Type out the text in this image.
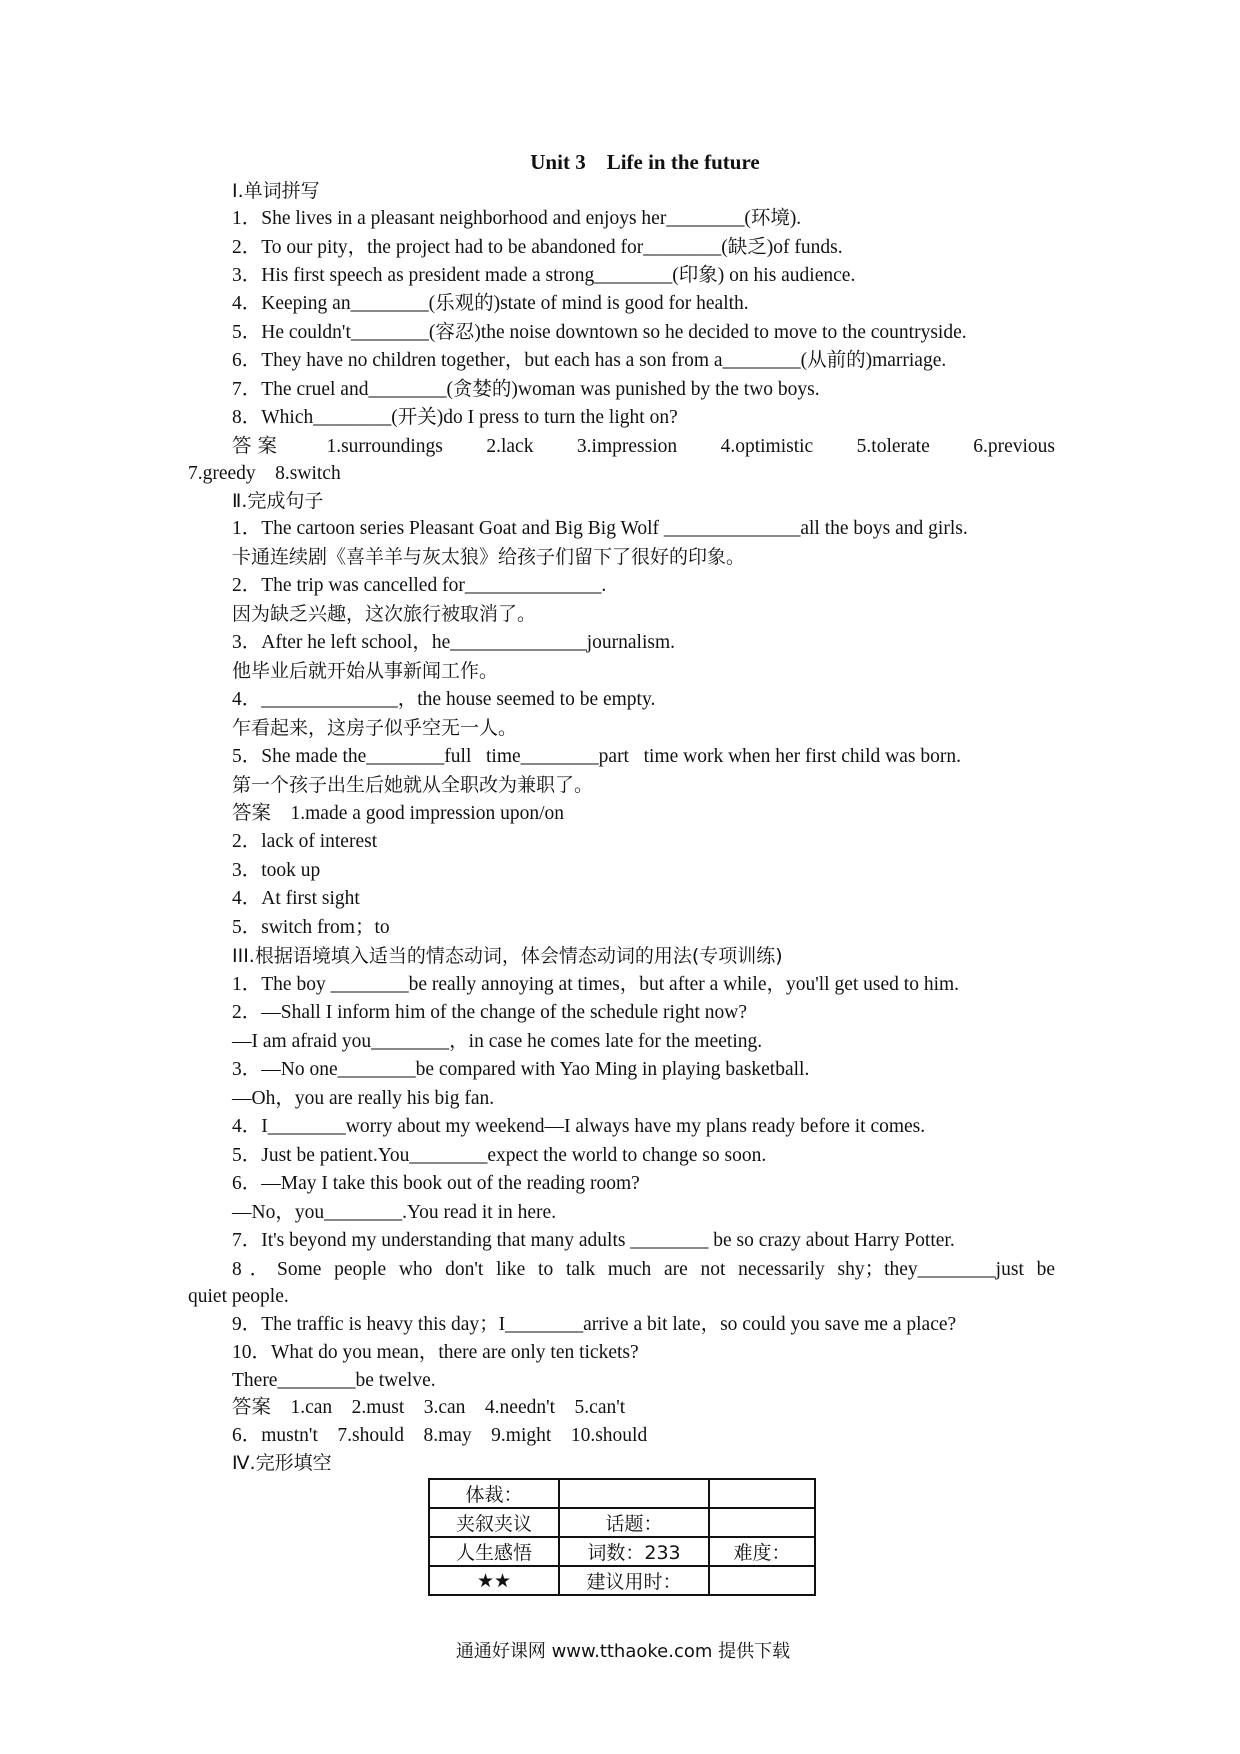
Unit 3    Life in the future
Ⅰ.单词拼写
1．She lives in a pleasant neighborhood and enjoys her________(环境).
2．To our pity，the project had to be abandoned for________(缺乏)of funds.
3．His first speech as president made a strong________(印象) on his audience.
4．Keeping an________(乐观的)state of mind is good for health.
5．He couldn't________(容忍)the noise downtown so he decided to move to the countryside.
6．They have no children together，but each has a son from a________(从前的)marriage.
7．The cruel and________(贪婪的)woman was punished by the two boys.
8．Which________(开关)do I press to turn the light on?
答案    1.surroundings    2.lack    3.impression    4.optimistic    5.tolerate    6.previous
7.greedy    8.switch
Ⅱ.完成句子
1．The cartoon series Pleasant Goat and Big Big Wolf ______________all the boys and girls.
卡通连续剧《喜羊羊与灰太狼》给孩子们留下了很好的印象。
2．The trip was cancelled for______________.
因为缺乏兴趣，这次旅行被取消了。
3．After he left school，he______________journalism.
他毕业后就开始从事新闻工作。
4．______________，the house seemed to be empty.
乍看起来，这房子似乎空无一人。
5．She made the________full   time________part   time work when her first child was born.
第一个孩子出生后她就从全职改为兼职了。
答案    1.made a good impression upon/on
2．lack of interest
3．took up
4．At first sight
5．switch from；to
III.根据语境填入适当的情态动词，体会情态动词的用法(专项训练)
1．The boy ________be really annoying at times，but after a while，you'll get used to him.
2．—Shall I inform him of the change of the schedule right now?
—I am afraid you________，in case he comes late for the meeting.
3．—No one________be compared with Yao Ming in playing basketball.
—Oh，you are really his big fan.
4．I________worry about my weekend—I always have my plans ready before it comes.
5．Just be patient.You________expect the world to change so soon.
6．—May I take this book out of the reading room?
—No，you________.You read it in here.
7．It's beyond my understanding that many adults ________ be so crazy about Harry Potter.
8．Some people who don't like to talk much are not necessarily shy；they________just be
quiet people.
9．The traffic is heavy this day；I________arrive a bit late，so could you save me a place?
10．What do you mean，there are only ten tickets?
There________be twelve.
答案    1.can    2.must    3.can    4.needn't    5.can't
6．mustn't    7.should    8.may    9.might    10.should
Ⅳ.完形填空
体裁：		
夹叙夹议	话题：	
人生感悟	词数：233	难度：
★★	建议用时：	
通通好课网 www.tthaoke.com 提供下载
